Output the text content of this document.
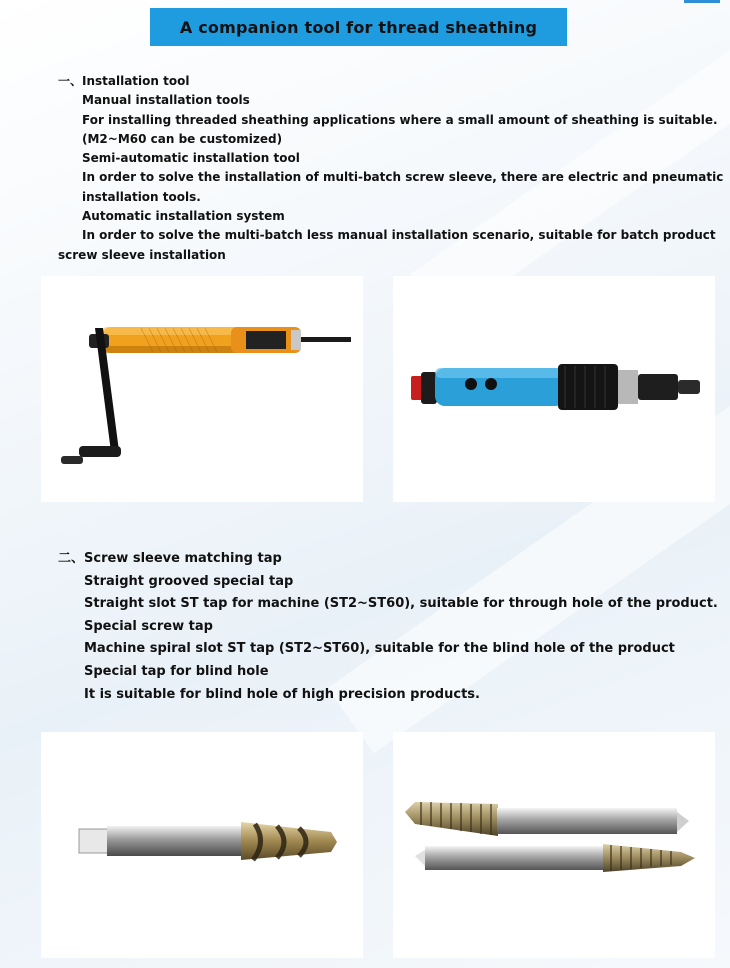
A companion tool for thread sheathing
一、Installation tool
Manual installation tools
For installing threaded sheathing applications where a small amount of sheathing is suitable.
(M2~M60 can be customized)
Semi-automatic installation tool
In order to solve the installation of multi-batch screw sleeve, there are electric and pneumatic
installation tools.
Automatic installation system
In order to solve the multi-batch less manual installation scenario, suitable for batch product
screw sleeve installation
二、Screw sleeve matching tap
Straight grooved special tap
Straight slot ST tap for machine (ST2~ST60), suitable for through hole of the product.
Special screw tap
Machine spiral slot ST tap (ST2~ST60), suitable for the blind hole of the product
Special tap for blind hole
It is suitable for blind hole of high precision products.
